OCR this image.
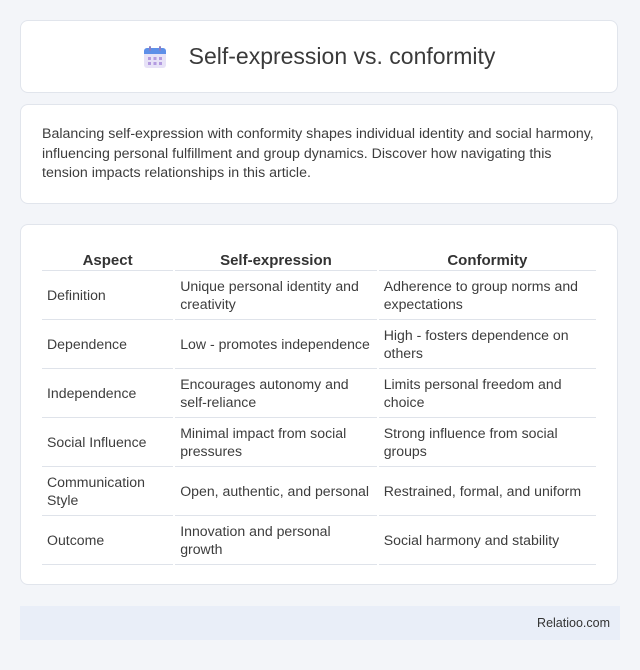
Self-expression vs. conformity

Balancing self-expression with conformity shapes individual identity and social harmony, influencing personal fulfillment and group dynamics. Discover how navigating this tension impacts relationships in this article.

Aspect	Self-expression	Conformity
Definition	Unique personal identity and creativity	Adherence to group norms and expectations
Dependence	Low - promotes independence	High - fosters dependence on others
Independence	Encourages autonomy and self-reliance	Limits personal freedom and choice
Social Influence	Minimal impact from social pressures	Strong influence from social groups
Communication Style	Open, authentic, and personal	Restrained, formal, and uniform
Outcome	Innovation and personal growth	Social harmony and stability
Relatioo.com
